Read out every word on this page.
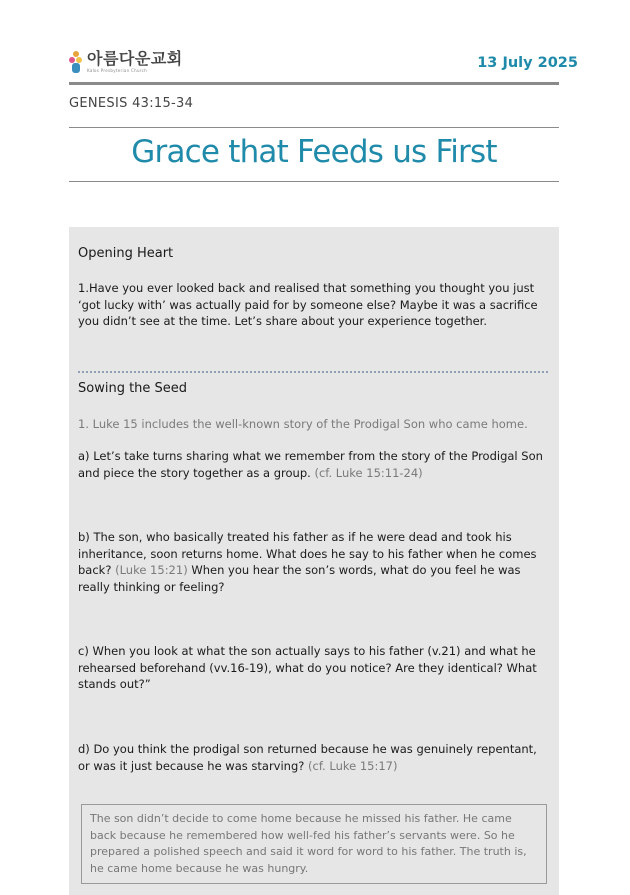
아름다운교회
Kalos Presbyterian Church	13 July 2025
GENESIS 43:15-34
Grace that Feeds us First
Opening Heart
1.Have you ever looked back and realised that something you thought you just ‘got lucky with’ was actually paid for by someone else? Maybe it was a sacrifice you didn’t see at the time. Let’s share about your experience together.
Sowing the Seed
1. Luke 15 includes the well-known story of the Prodigal Son who came home.
a) Let’s take turns sharing what we remember from the story of the Prodigal Son and piece the story together as a group. (cf. Luke 15:11-24)
b) The son, who basically treated his father as if he were dead and took his inheritance, soon returns home. What does he say to his father when he comes back? (Luke 15:21) When you hear the son’s words, what do you feel he was really thinking or feeling?
c) When you look at what the son actually says to his father (v.21) and what he rehearsed beforehand (vv.16-19), what do you notice? Are they identical? What stands out?”
d) Do you think the prodigal son returned because he was genuinely repentant, or was it just because he was starving? (cf. Luke 15:17)
The son didn’t decide to come home because he missed his father. He came back because he remembered how well-fed his father’s servants were. So he prepared a polished speech and said it word for word to his father. The truth is, he came home because he was hungry.
